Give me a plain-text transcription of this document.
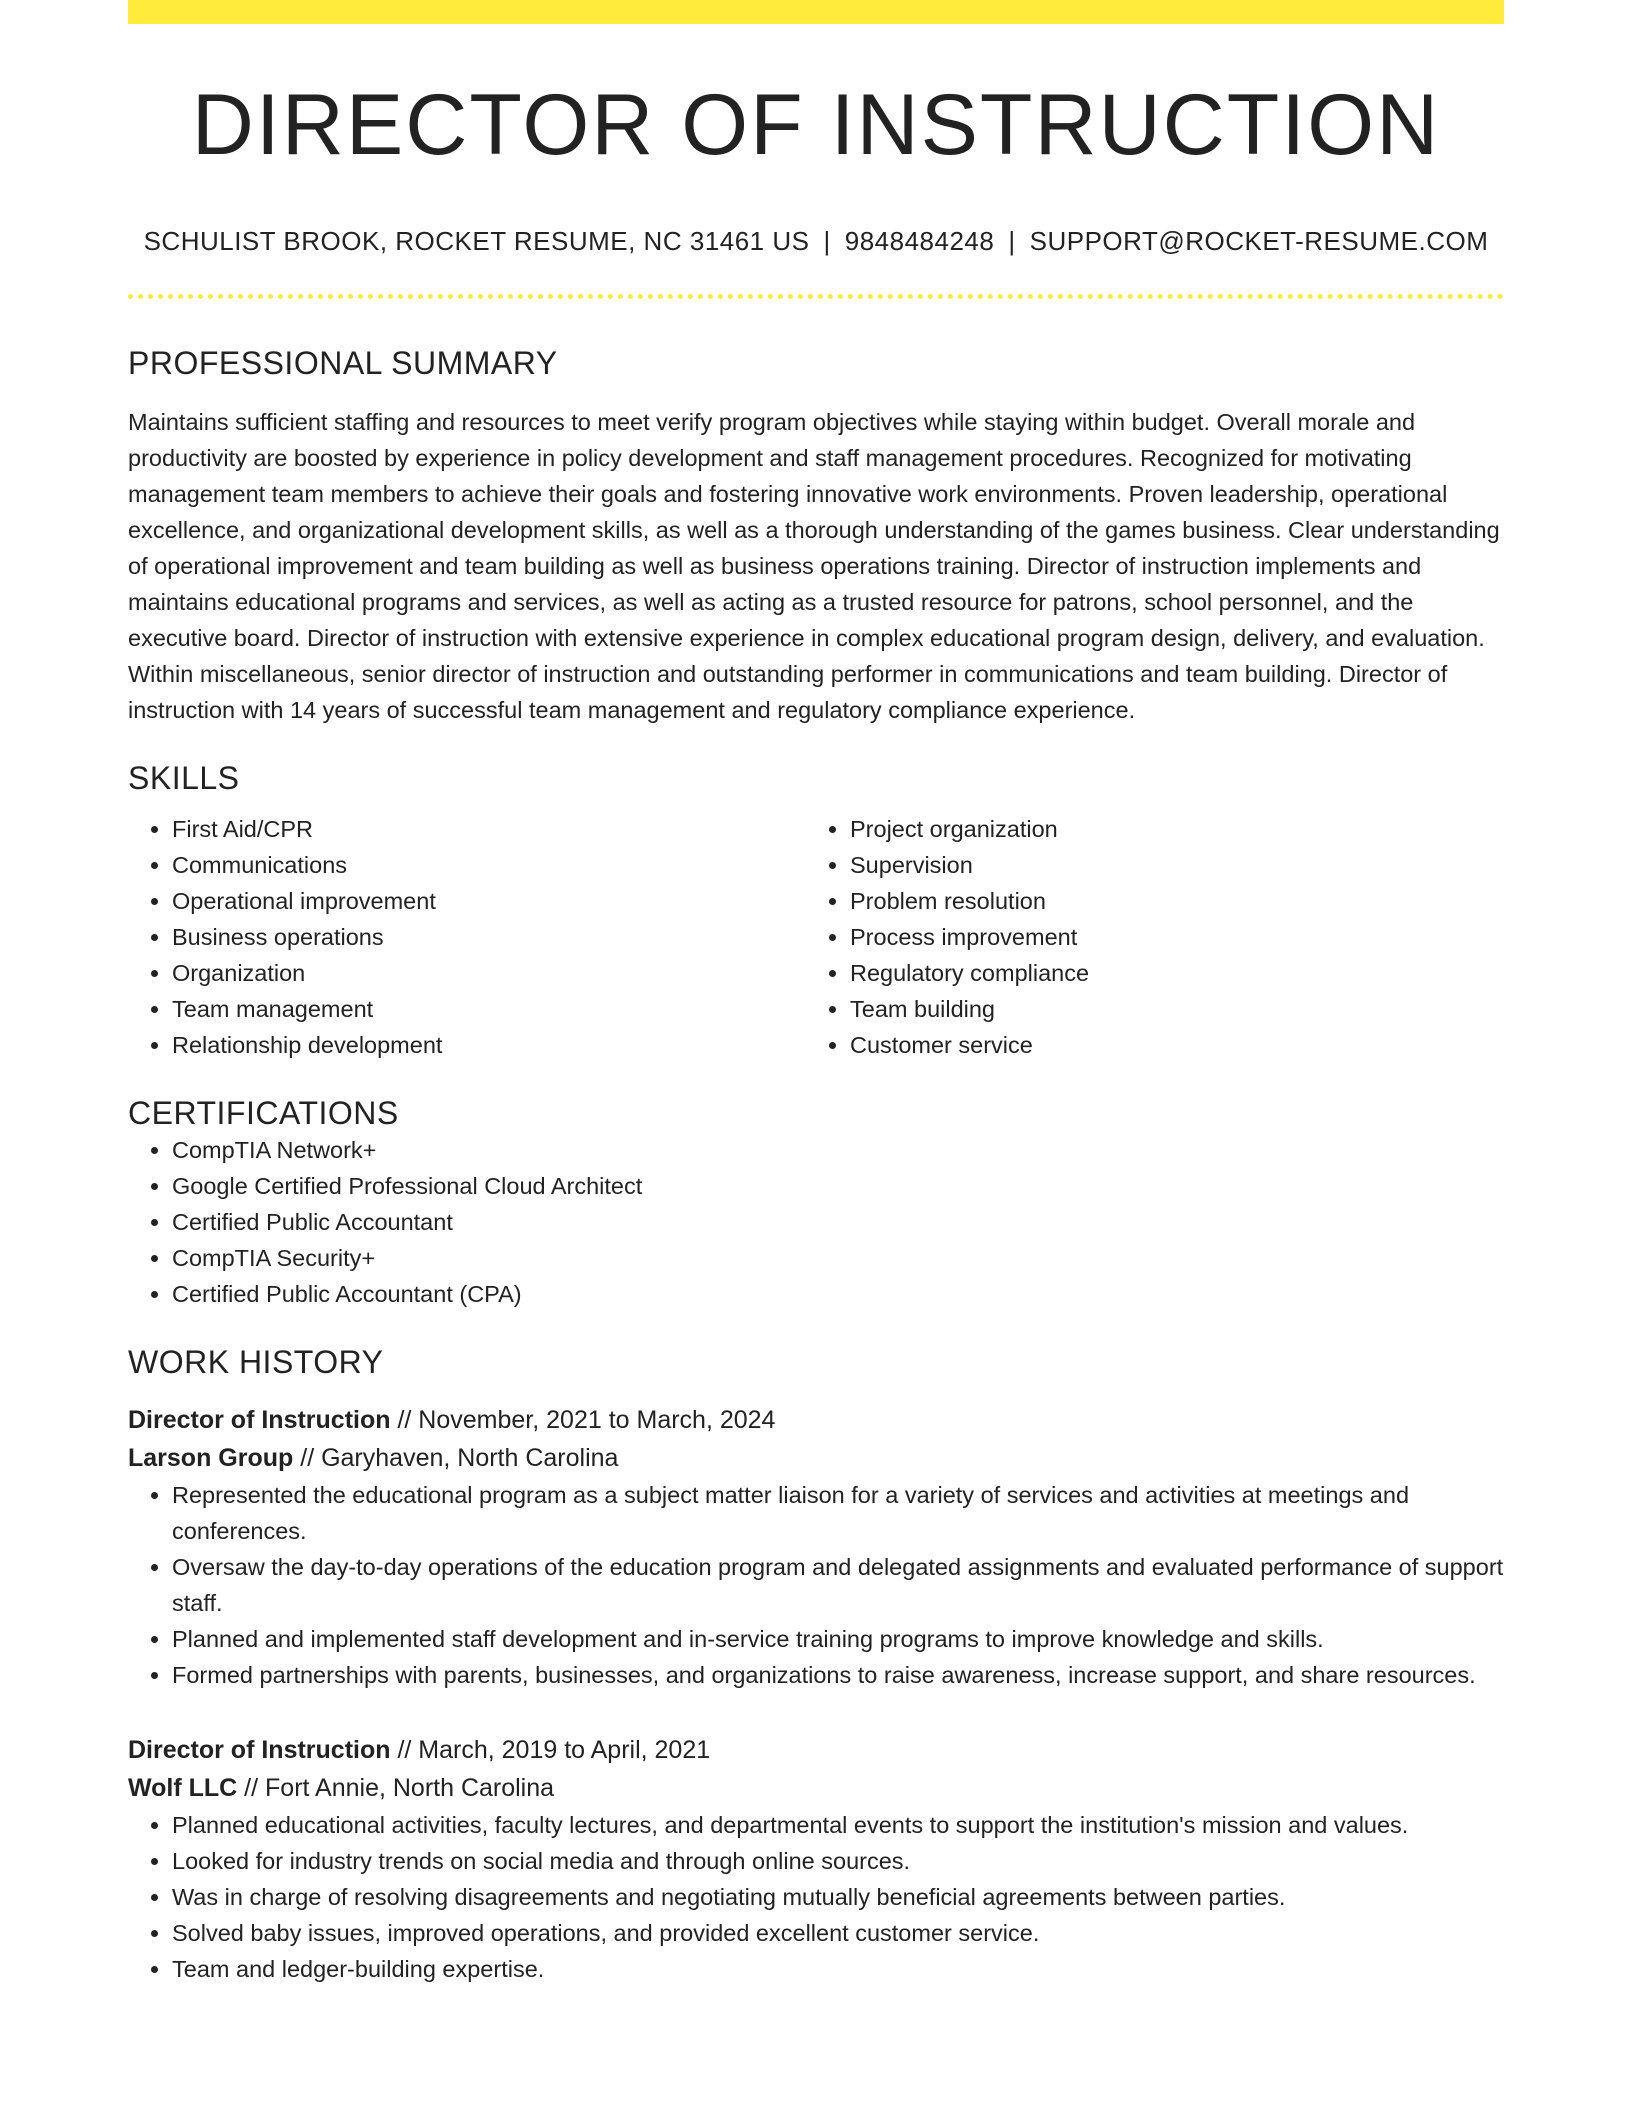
DIRECTOR OF INSTRUCTION
SCHULIST BROOK, ROCKET RESUME, NC 31461 US | 9848484248 | SUPPORT@ROCKET-RESUME.COM
PROFESSIONAL SUMMARY

Maintains sufficient staffing and resources to meet verify program objectives while staying within budget. Overall morale and productivity are boosted by experience in policy development and staff management procedures. Recognized for motivating management team members to achieve their goals and fostering innovative work environments. Proven leadership, operational excellence, and organizational development skills, as well as a thorough understanding of the games business. Clear understanding of operational improvement and team building as well as business operations training. Director of instruction implements and maintains educational programs and services, as well as acting as a trusted resource for patrons, school personnel, and the executive board. Director of instruction with extensive experience in complex educational program design, delivery, and evaluation. Within miscellaneous, senior director of instruction and outstanding performer in communications and team building. Director of instruction with 14 years of successful team management and regulatory compliance experience.

SKILLS
• First Aid/CPR
• Communications
• Operational improvement
• Business operations
• Organization
• Team management
• Relationship development
• Project organization
• Supervision
• Problem resolution
• Process improvement
• Regulatory compliance
• Team building
• Customer service
CERTIFICATIONS
• CompTIA Network+
• Google Certified Professional Cloud Architect
• Certified Public Accountant
• CompTIA Security+
• Certified Public Accountant (CPA)
WORK HISTORY
Director of Instruction // November, 2021 to March, 2024
Larson Group // Garyhaven, North Carolina
• Represented the educational program as a subject matter liaison for a variety of services and activities at meetings and conferences.
• Oversaw the day-to-day operations of the education program and delegated assignments and evaluated performance of support staff.
• Planned and implemented staff development and in-service training programs to improve knowledge and skills.
• Formed partnerships with parents, businesses, and organizations to raise awareness, increase support, and share resources.
Director of Instruction // March, 2019 to April, 2021
Wolf LLC // Fort Annie, North Carolina
• Planned educational activities, faculty lectures, and departmental events to support the institution's mission and values.
• Looked for industry trends on social media and through online sources.
• Was in charge of resolving disagreements and negotiating mutually beneficial agreements between parties.
• Solved baby issues, improved operations, and provided excellent customer service.
• Team and ledger-building expertise.
